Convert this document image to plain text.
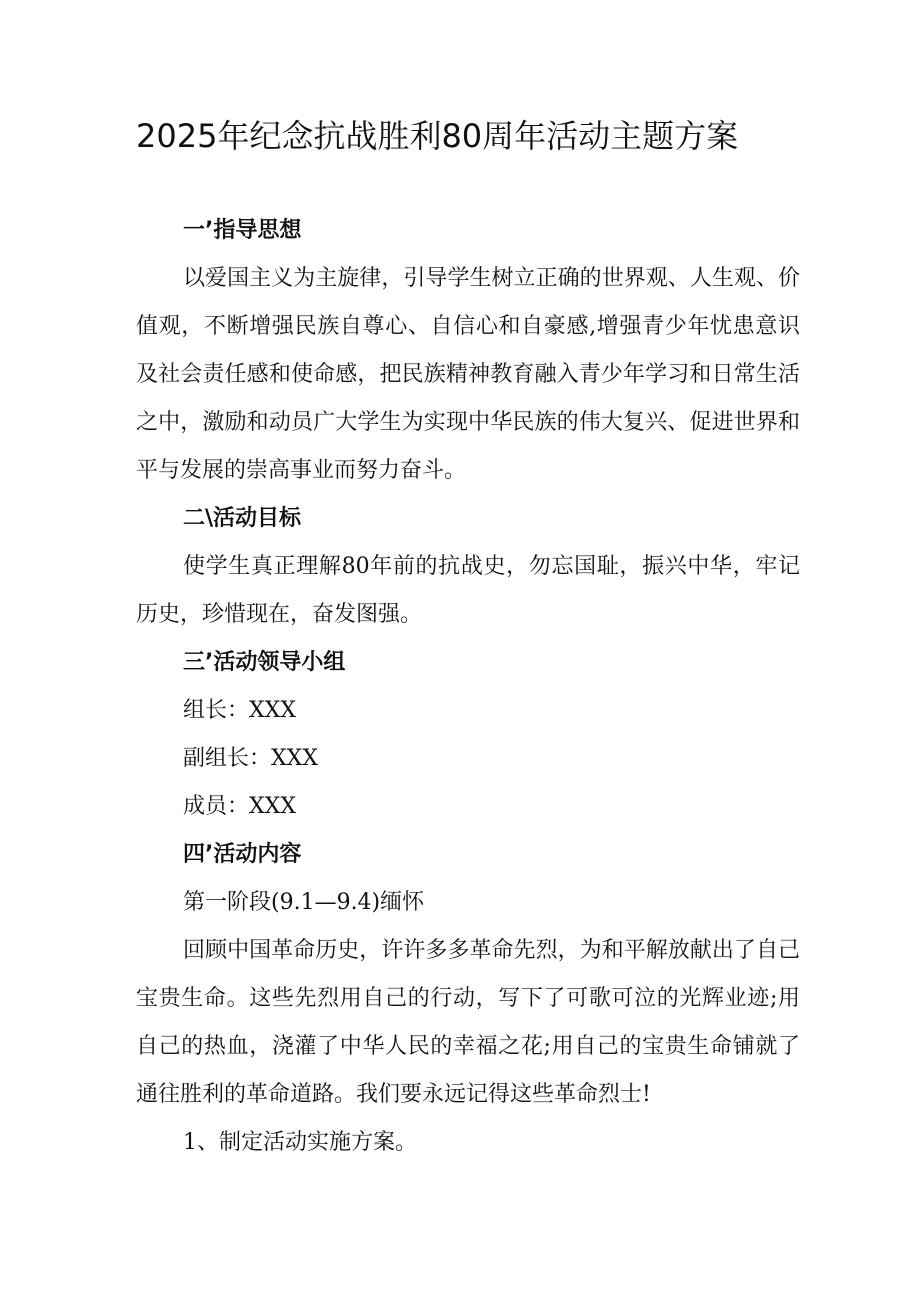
2025年纪念抗战胜利80周年活动主题方案

一’指导思想

以爱国主义为主旋律，引导学生树立正确的世界观、人生观、价值观，不断增强民族自尊心、自信心和自豪感,增强青少年忧患意识及社会责任感和使命感，把民族精神教育融入青少年学习和日常生活之中，激励和动员广大学生为实现中华民族的伟大复兴、促进世界和平与发展的崇高事业而努力奋斗。

二\活动目标

使学生真正理解80年前的抗战史，勿忘国耻，振兴中华，牢记历史，珍惜现在，奋发图强。

三’活动领导小组

组长：XXX

副组长：XXX

成员：XXX

四’活动内容

第一阶段(9.1—9.4)缅怀

回顾中国革命历史，许许多多革命先烈，为和平解放献出了自己宝贵生命。这些先烈用自己的行动，写下了可歌可泣的光辉业迹;用自己的热血，浇灌了中华人民的幸福之花;用自己的宝贵生命铺就了通往胜利的革命道路。我们要永远记得这些革命烈士!

1、制定活动实施方案。
